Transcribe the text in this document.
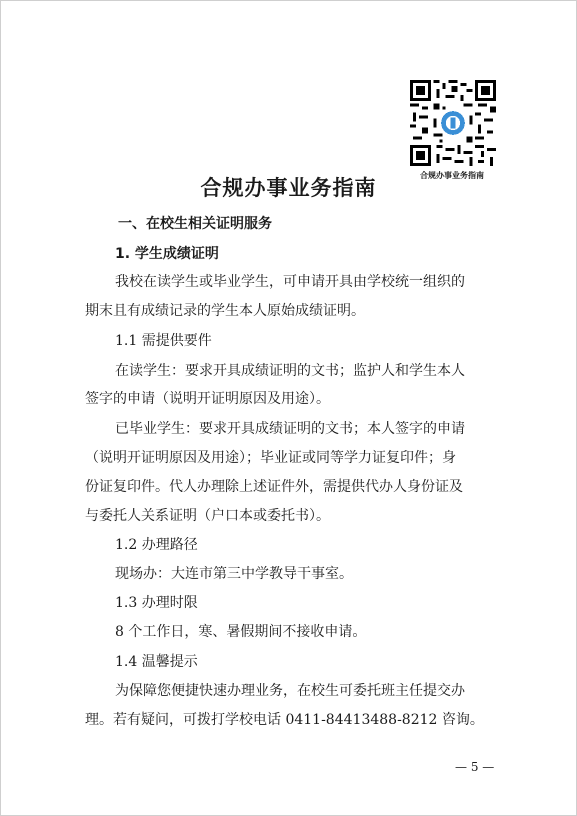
合规办事业务指南
合规办事业务指南

一、在校生相关证明服务

1. 学生成绩证明

我校在读学生或毕业学生，可申请开具由学校统一组织的

期末且有成绩记录的学生本人原始成绩证明。

1.1 需提供要件

在读学生：要求开具成绩证明的文书；监护人和学生本人

签字的申请（说明开证明原因及用途）。

已毕业学生：要求开具成绩证明的文书；本人签字的申请

（说明开证明原因及用途）；毕业证或同等学力证复印件；身

份证复印件。代人办理除上述证件外，需提供代办人身份证及

与委托人关系证明（户口本或委托书）。

1.2 办理路径

现场办：大连市第三中学教导干事室。

1.3 办理时限

8 个工作日，寒、暑假期间不接收申请。

1.4 温馨提示

为保障您便捷快速办理业务，在校生可委托班主任提交办

理。若有疑问，可拨打学校电话 0411-84413488-8212 咨询。

— 5 —
